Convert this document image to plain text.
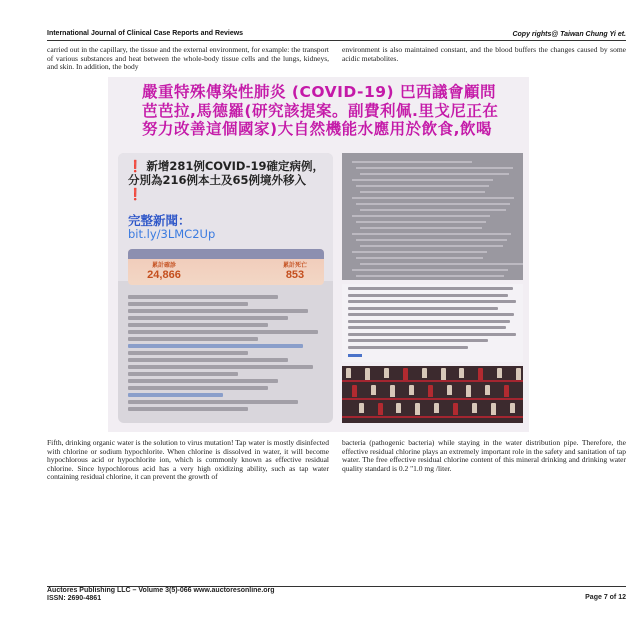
International Journal of Clinical Case Reports and Reviews	Copy rights@ Taiwan Chung Yi et.

carried out in the capillary, the tissue and the external environment, for example: the transport of various substances and heat between the whole-body tissue cells and the lungs, kidneys, and skin. In addition, the body

environment is also maintained constant, and the blood buffers the changes caused by some acidic metabolites.

嚴重特殊傳染性肺炎 (COVID-19) 巴西議會顧問芭芭拉,馬德羅(研究該提案。副費利佩.里戈尼正在努力改善這個國家)大自然機能水應用於飲食,飲喝
❗ 新增281例COVID-19確定病例，分別為216例本土及65例境外移入 ❗
完整新聞：
bit.ly/3LMC2Up
累計確診
24,866
累計死亡
853

Fifth, drinking organic water is the solution to virus mutation! Tap water is mostly disinfected with chlorine or sodium hypochlorite. When chlorine is dissolved in water, it will become hypochlorous acid or hypochlorite ion, which is commonly known as effective residual chlorine. Since hypochlorous acid has a very high oxidizing ability, such as tap water containing residual chlorine, it can prevent the growth of

bacteria (pathogenic bacteria) while staying in the water distribution pipe. Therefore, the effective residual chlorine plays an extremely important role in the safety and sanitation of tap water. The free effective residual chlorine content of this mineral drinking and drinking water quality standard is 0.2 "1.0 mg /liter.

Auctores Publishing LLC – Volume 3(5)-066 www.auctoresonline.org
ISSN: 2690-4861	Page 7 of 12
